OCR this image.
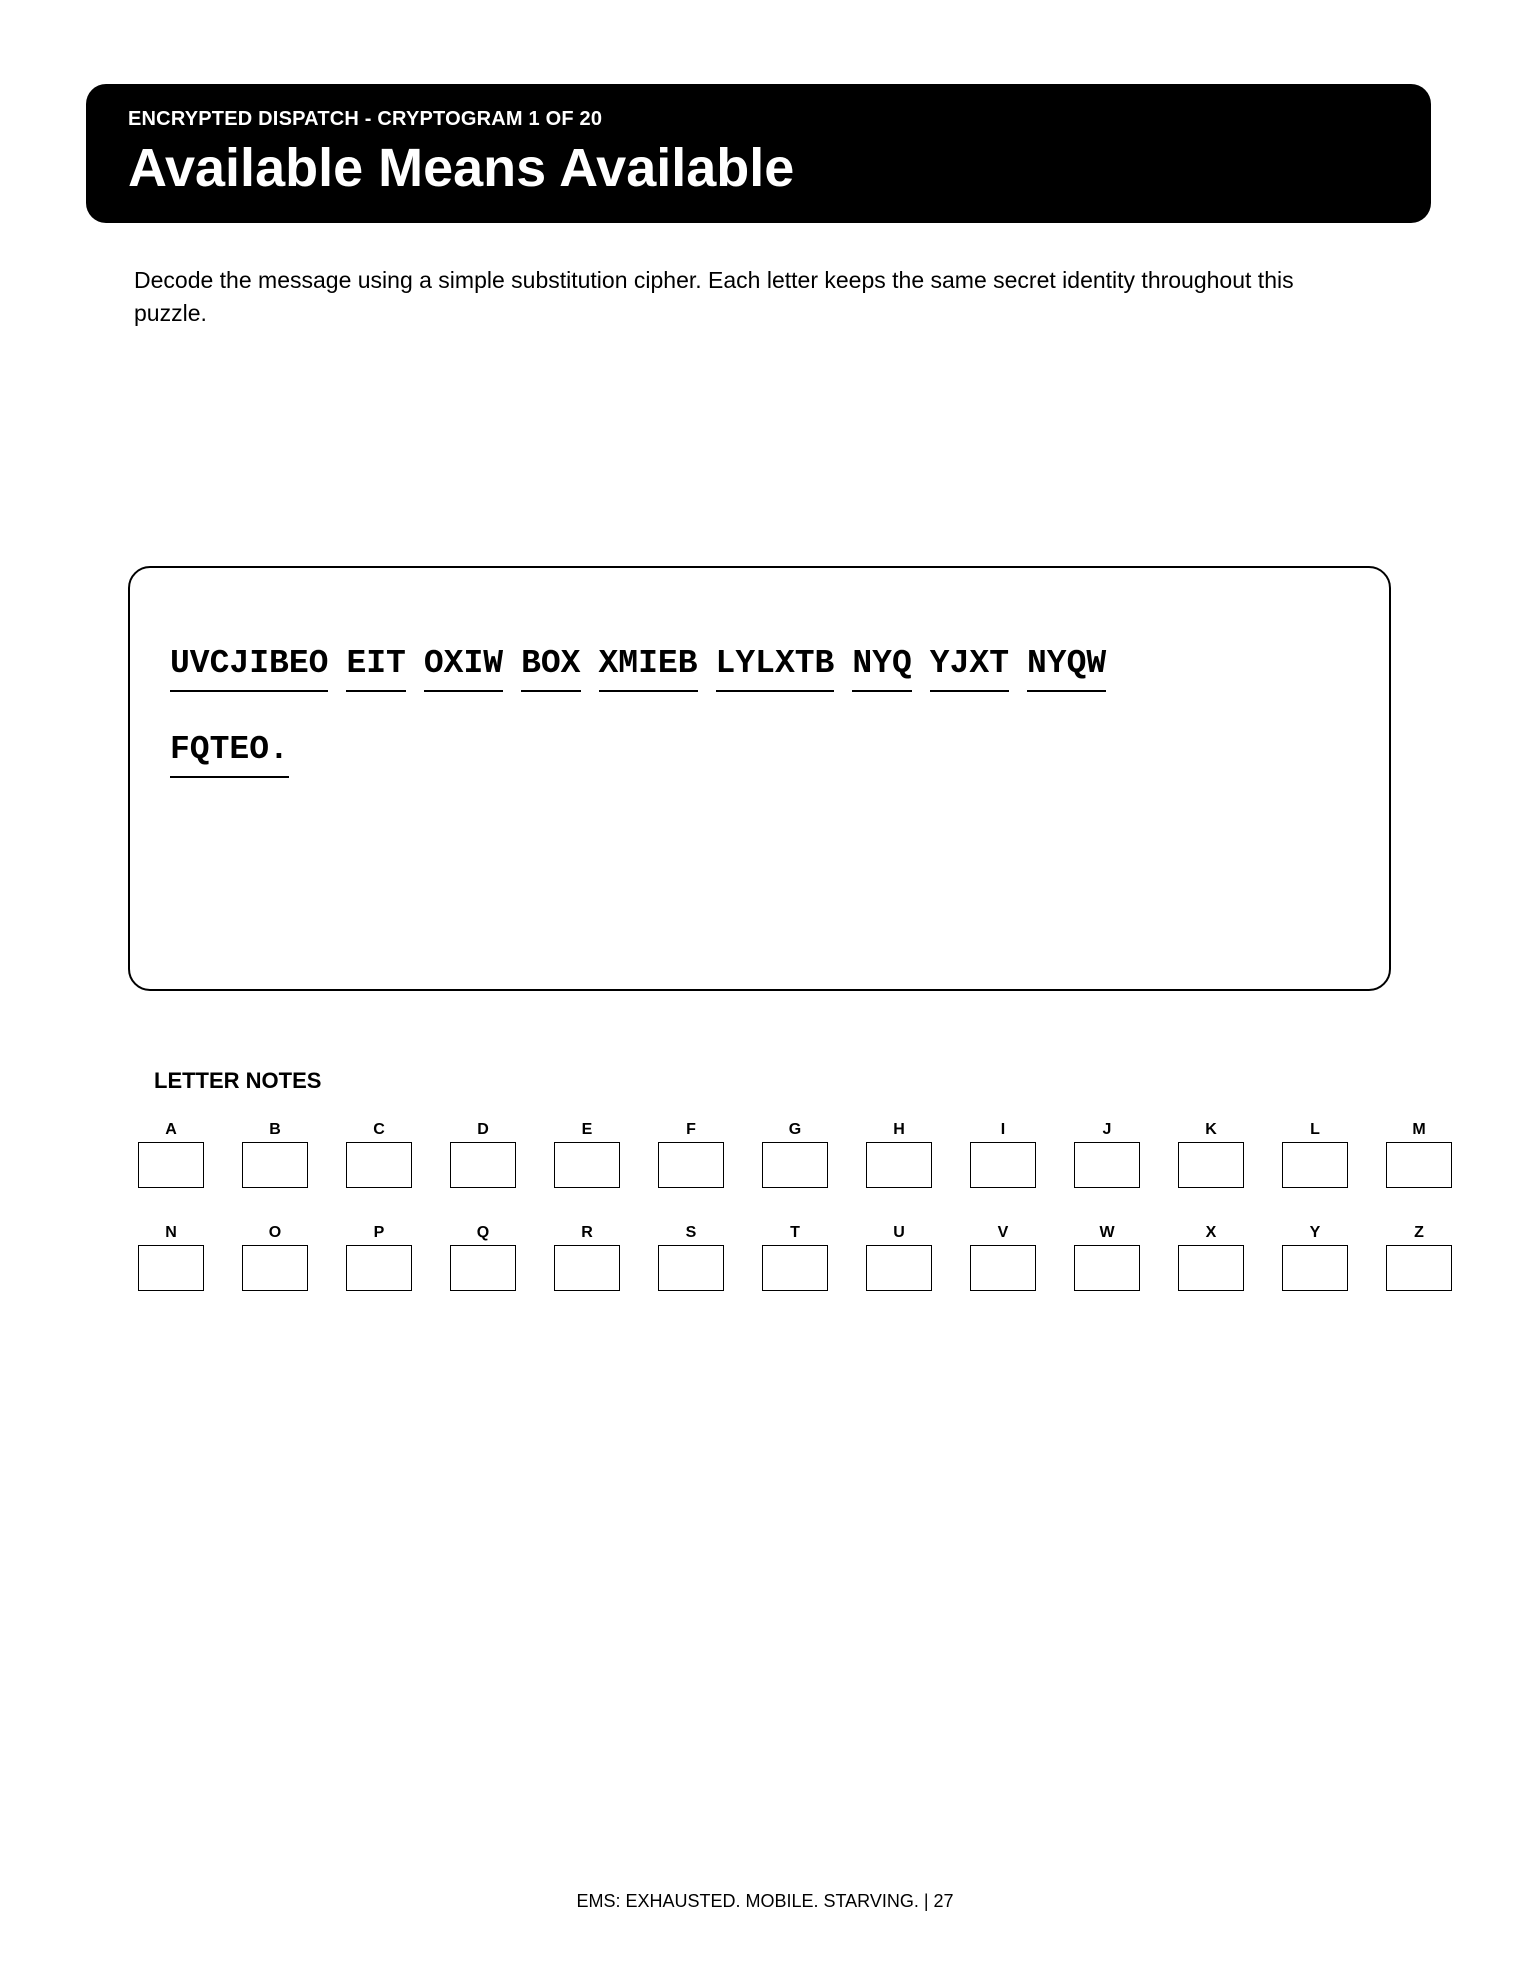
ENCRYPTED DISPATCH - CRYPTOGRAM 1 OF 20
Available Means Available
Decode the message using a simple substitution cipher. Each letter keeps the same secret identity throughout this puzzle.
UVCJIBEO EIT OXIW BOX XMIEB LYLXTB NYQ YJXT NYQW
FQTEO.
LETTER NOTES
A	B	C	D	E	F	G	H	I	J	K	L	M
N	O	P	Q	R	S	T	U	V	W	X	Y	Z
EMS: EXHAUSTED. MOBILE. STARVING. | 27
